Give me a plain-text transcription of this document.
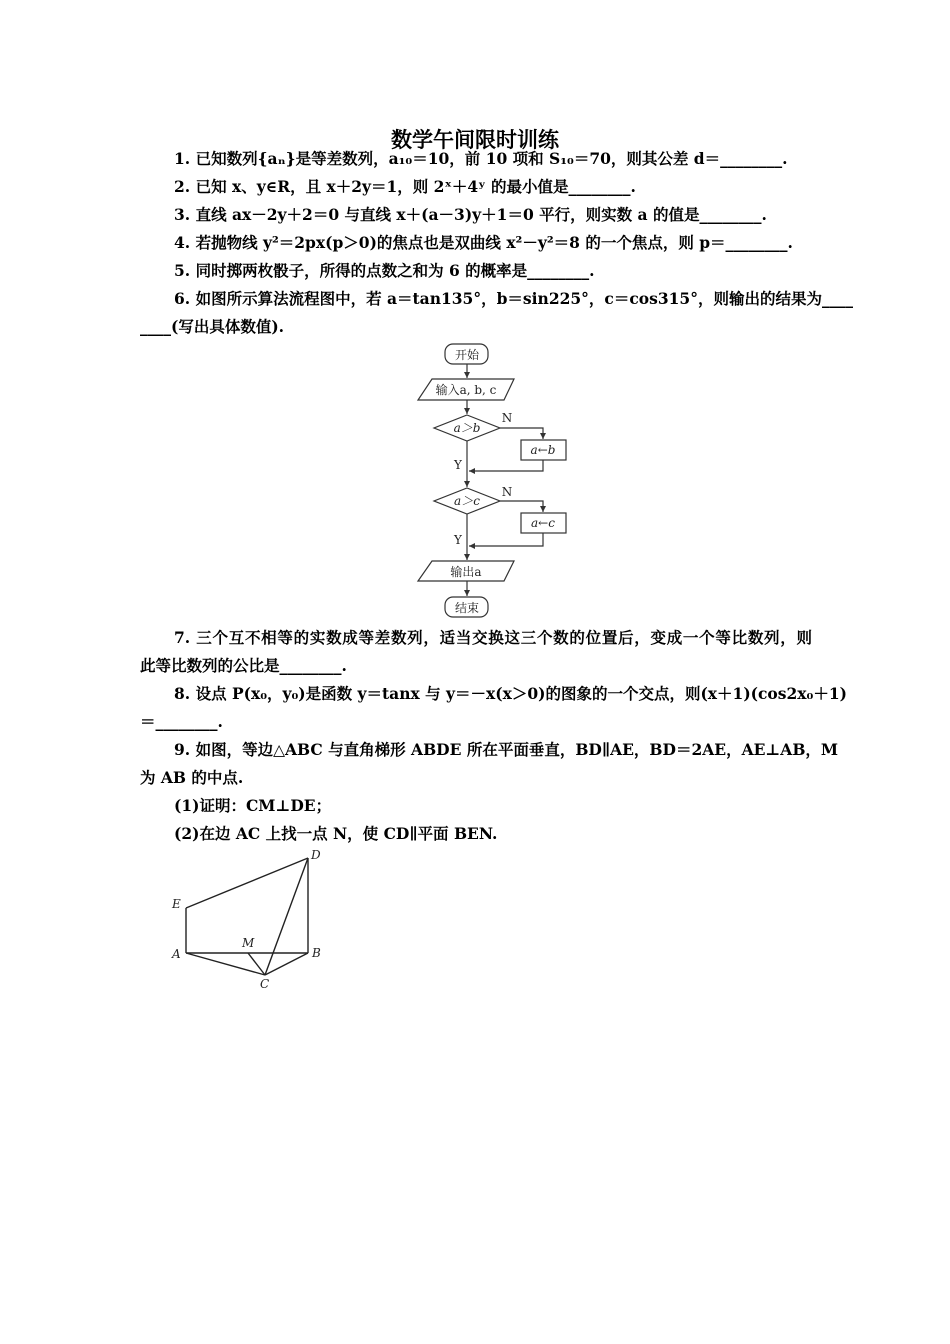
数学午间限时训练
1. 已知数列{aₙ}是等差数列，a₁₀＝10，前 10 项和 S₁₀＝70，则其公差 d＝________.
2. 已知 x、y∈R，且 x＋2y＝1，则 2ˣ＋4ʸ 的最小值是________.
3. 直线 ax－2y＋2＝0 与直线 x＋(a－3)y＋1＝0 平行，则实数 a 的值是________.
4. 若抛物线 y²＝2px(p＞0)的焦点也是双曲线 x²－y²＝8 的一个焦点，则 p＝________.
5. 同时掷两枚骰子，所得的点数之和为 6 的概率是________.
6. 如图所示算法流程图中，若 a＝tan135°，b＝sin225°，c＝cos315°，则输出的结果为____
____(写出具体数值).
开始
输入a, b, c
a＞b
a←b
a＞c
a←c
输出a
结束
N
Y
N
Y
7. 三个互不相等的实数成等差数列，适当交换这三个数的位置后，变成一个等比数列，则
此等比数列的公比是________.
8. 设点 P(x₀，y₀)是函数 y＝tanx 与 y＝－x(x＞0)的图象的一个交点，则(x＋1)(cos2x₀＋1)
＝________.
9. 如图，等边△ABC 与直角梯形 ABDE 所在平面垂直，BD∥AE，BD＝2AE，AE⊥AB，M
为 AB 的中点.
(1)证明：CM⊥DE；
(2)在边 AC 上找一点 N，使 CD∥平面 BEN.
E
D
A
M
B
C
